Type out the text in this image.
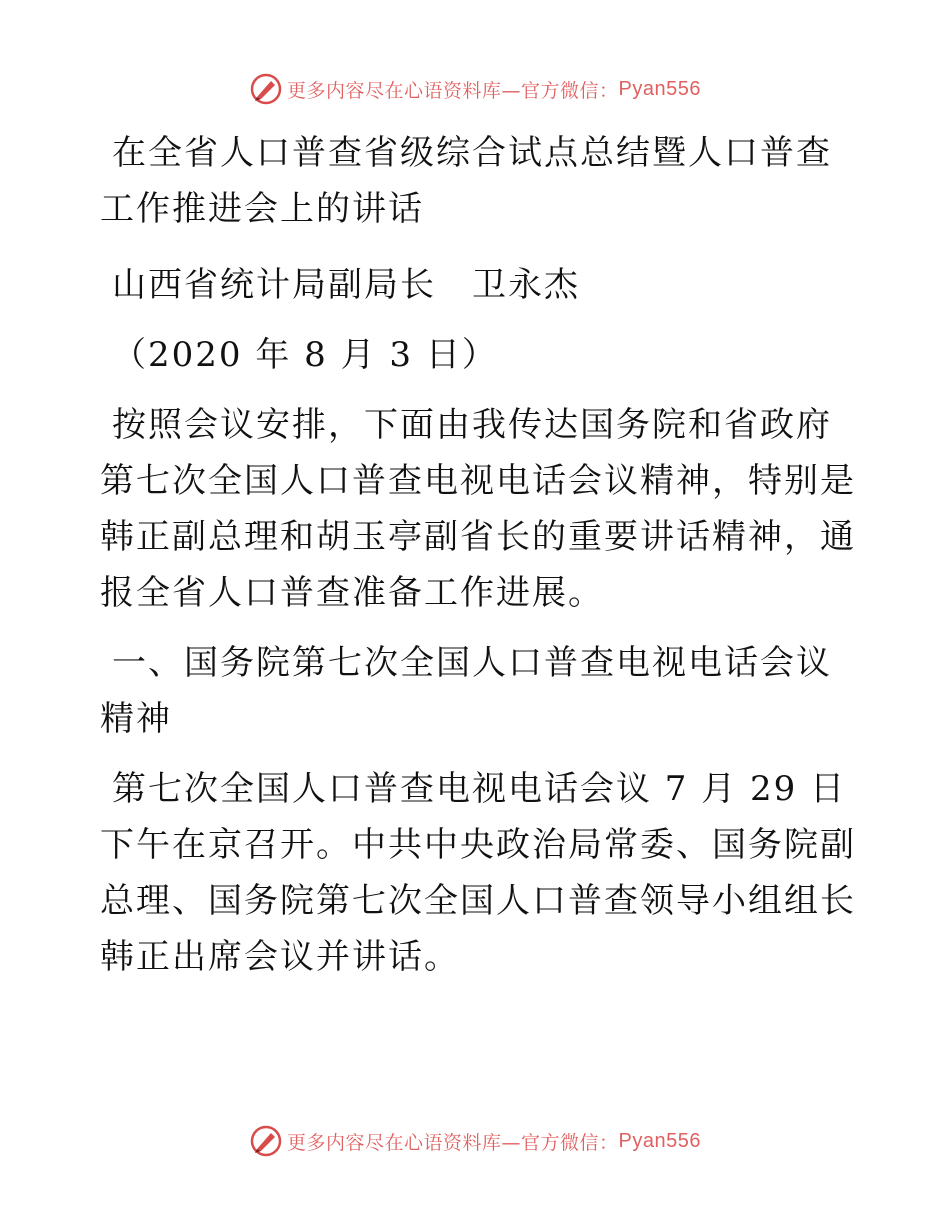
更多内容尽在心语资料库—官方微信： Pyan556

在全省人口普查省级综合试点总结暨人口普查工作推进会上的讲话

山西省统计局副局长　卫永杰

（2020 年 8 月 3 日）

按照会议安排，下面由我传达国务院和省政府第七次全国人口普查电视电话会议精神，特别是韩正副总理和胡玉亭副省长的重要讲话精神，通报全省人口普查准备工作进展。

一、国务院第七次全国人口普查电视电话会议精神

第七次全国人口普查电视电话会议 7 月 29 日下午在京召开。中共中央政治局常委、国务院副总理、国务院第七次全国人口普查领导小组组长韩正出席会议并讲话。

更多内容尽在心语资料库—官方微信： Pyan556
